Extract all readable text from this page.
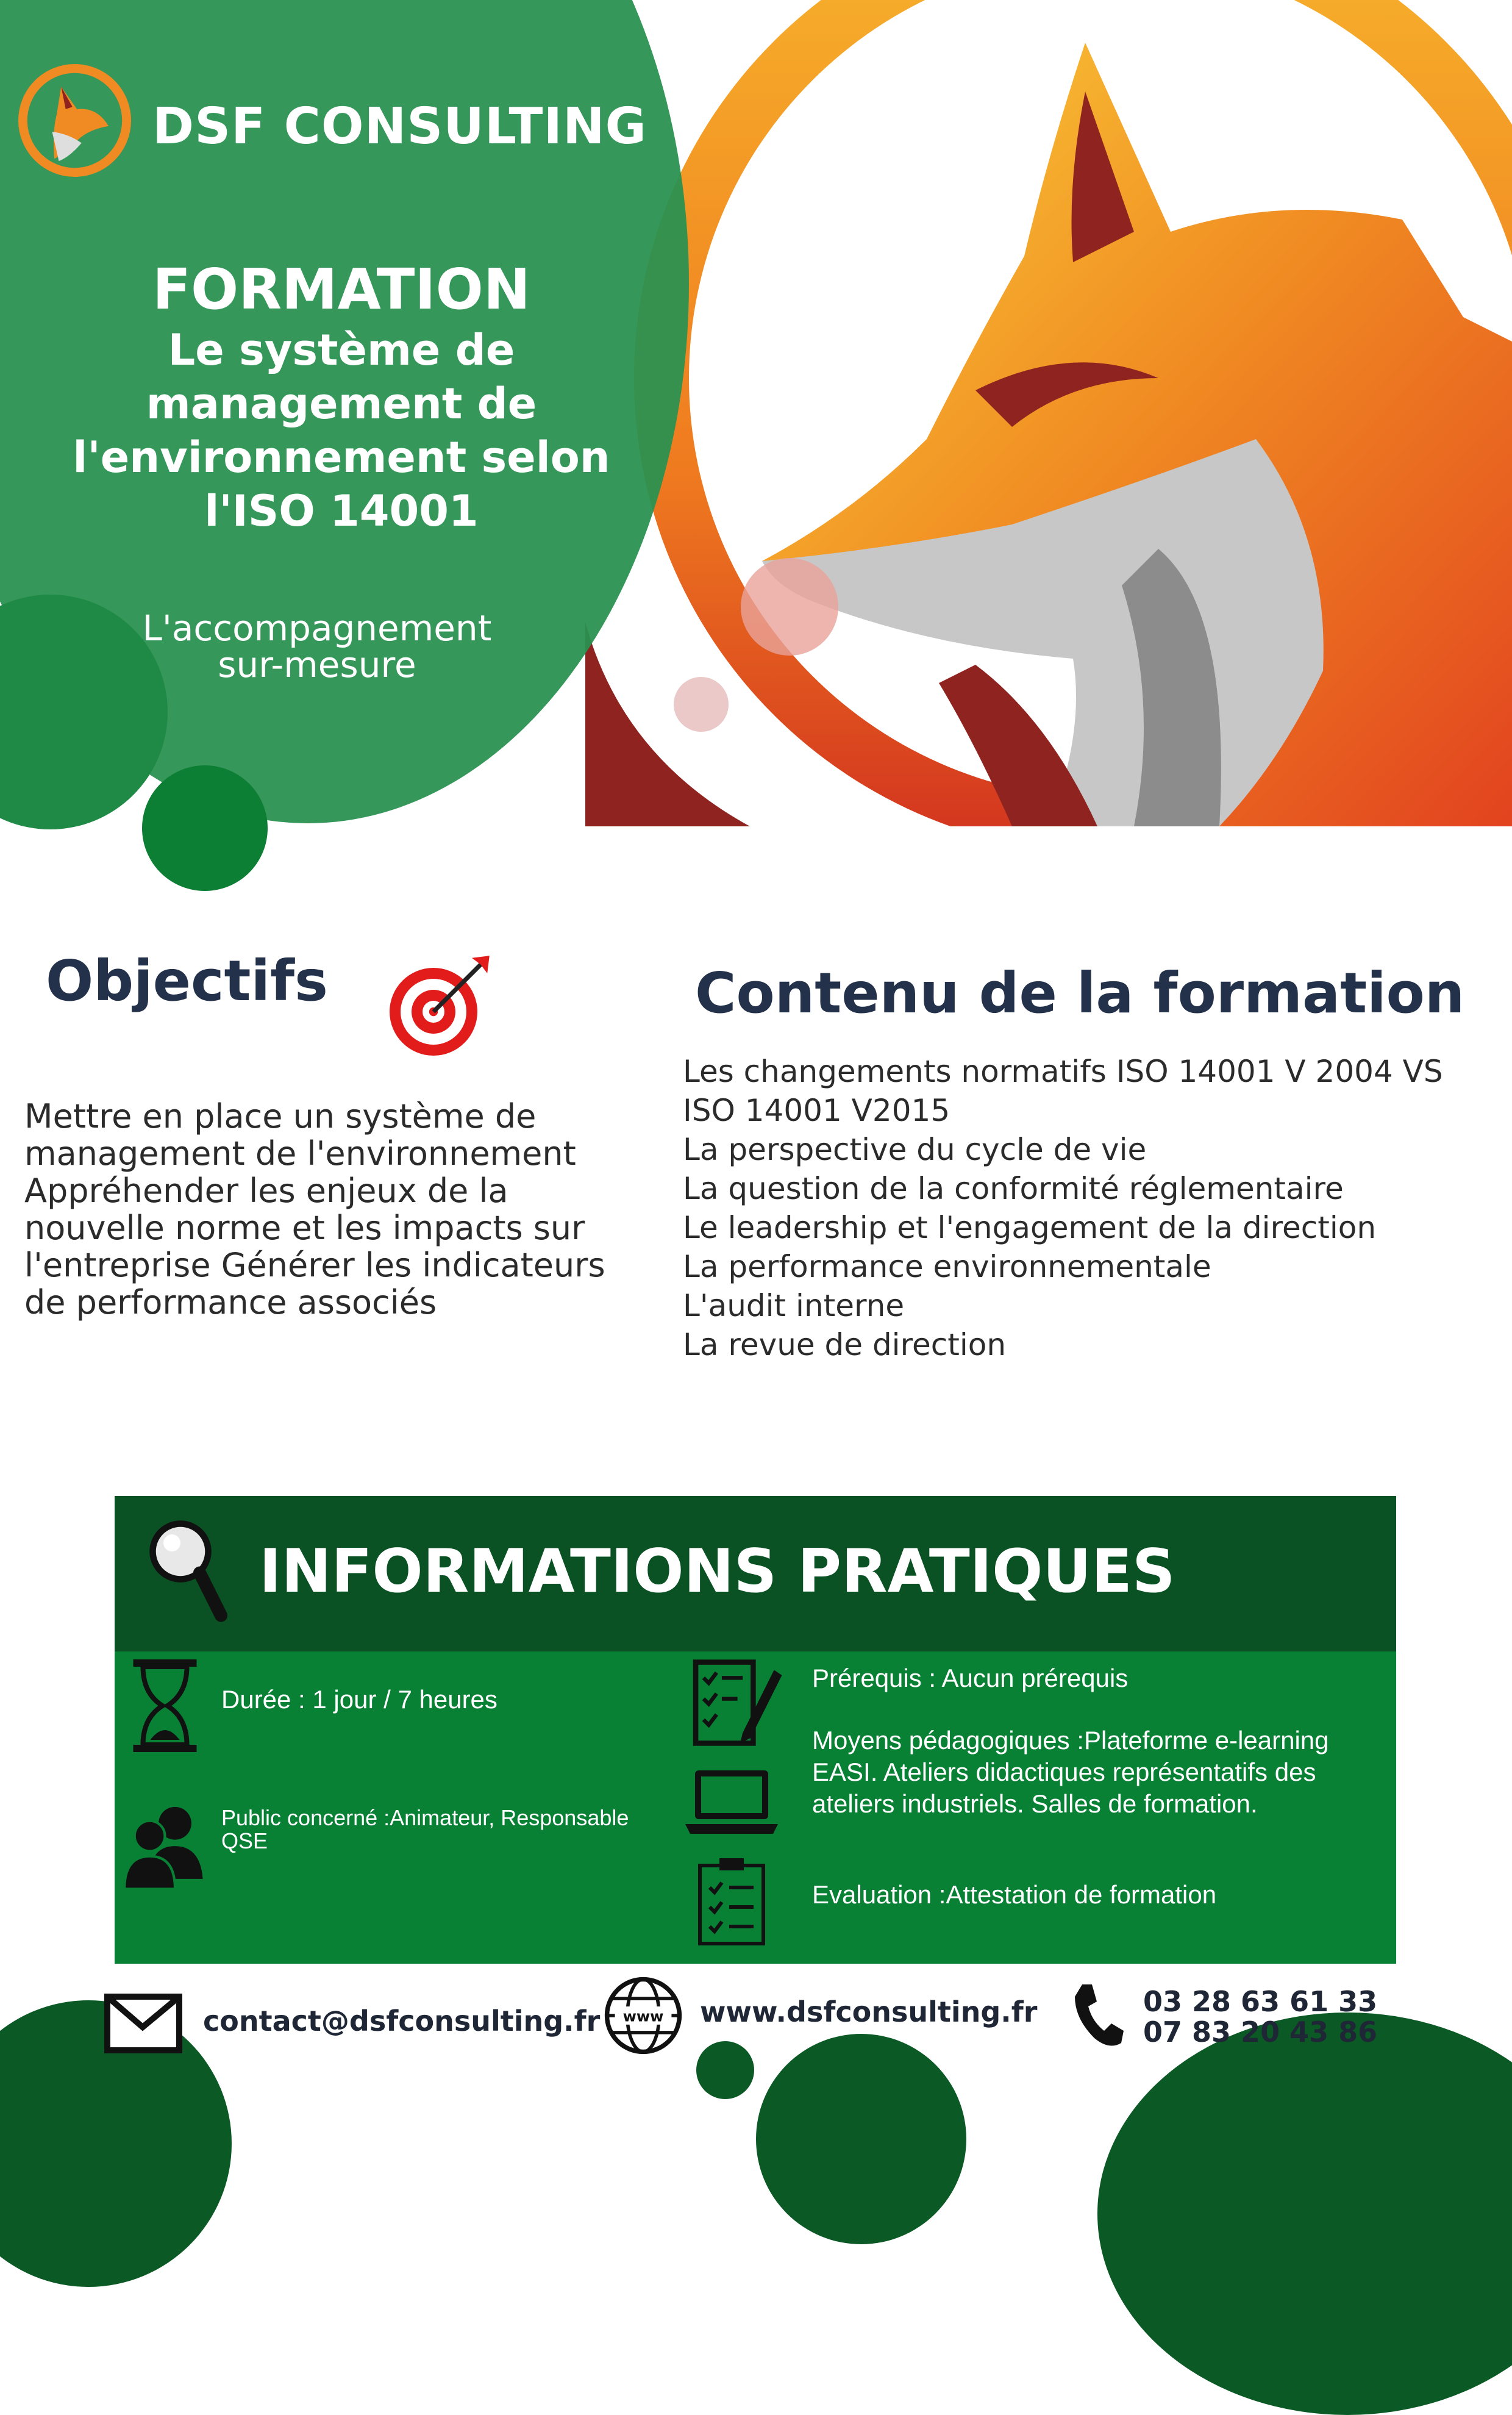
DSF CONSULTING
FORMATION
Le système de
management de
l'environnement selon
l'ISO 14001
L'accompagnement
sur-mesure
Objectifs
Mettre en place un système de
management de l'environnement
Appréhender les enjeux de la
nouvelle norme et les impacts sur
l'entreprise Générer les indicateurs
de performance associés
Contenu de la formation
Les changements normatifs ISO 14001 V 2004 VS
ISO 14001 V2015
La perspective du cycle de vie
La question de la conformité réglementaire
Le leadership et l'engagement de la direction
La performance environnementale
L'audit interne
La revue de direction
INFORMATIONS PRATIQUES
Durée : 1 jour / 7 heures
Public concerné :Animateur, Responsable
QSE
Prérequis : Aucun prérequis
Moyens pédagogiques :Plateforme e-learning
EASI. Ateliers didactiques représentatifs des
ateliers industriels. Salles de formation.
Evaluation :Attestation de formation
contact@dsfconsulting.fr	www www.dsfconsulting.fr	03 28 63 61 33
07 83 20 43 86
